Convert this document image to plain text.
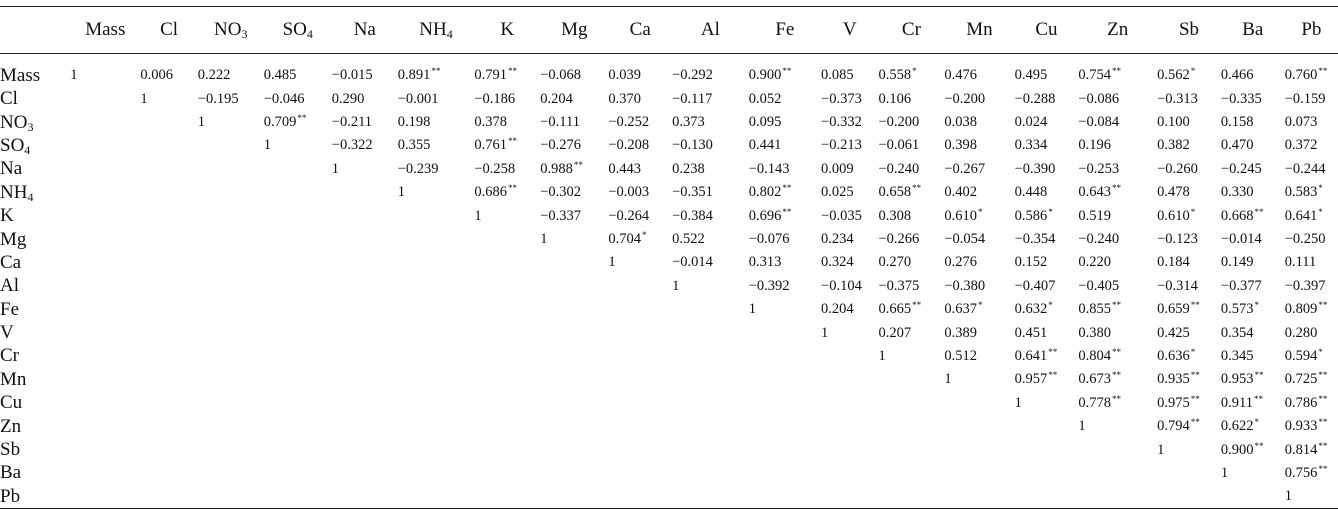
	Mass	Cl	$NO_3$	$SO_4$	Na	$NH_4$	K	Mg	Ca	Al	Fe	V	Cr	Mn	Cu	Zn	Sb	Ba	Pb
Mass	1	0.006	0.222	0.485	−0.015	0.891**	0.791**	−0.068	0.039	−0.292	0.900**	0.085	0.558*	0.476	0.495	0.754**	0.562*	0.466	0.760**
Cl		1	−0.195	−0.046	0.290	−0.001	−0.186	0.204	0.370	−0.117	0.052	−0.373	0.106	−0.200	−0.288	−0.086	−0.313	−0.335	−0.159
$NO_3$			1	0.709**	−0.211	0.198	0.378	−0.111	−0.252	0.373	0.095	−0.332	−0.200	0.038	0.024	−0.084	0.100	0.158	0.073
$SO_4$				1	−0.322	0.355	0.761**	−0.276	−0.208	−0.130	0.441	−0.213	−0.061	0.398	0.334	0.196	0.382	0.470	0.372
Na					1	−0.239	−0.258	0.988**	0.443	0.238	−0.143	0.009	−0.240	−0.267	−0.390	−0.253	−0.260	−0.245	−0.244
$NH_4$						1	0.686**	−0.302	−0.003	−0.351	0.802**	0.025	0.658**	0.402	0.448	0.643**	0.478	0.330	0.583*
K							1	−0.337	−0.264	−0.384	0.696**	−0.035	0.308	0.610*	0.586*	0.519	0.610*	0.668**	0.641*
Mg								1	0.704*	0.522	−0.076	0.234	−0.266	−0.054	−0.354	−0.240	−0.123	−0.014	−0.250
Ca									1	−0.014	0.313	0.324	0.270	0.276	0.152	0.220	0.184	0.149	0.111
Al										1	−0.392	−0.104	−0.375	−0.380	−0.407	−0.405	−0.314	−0.377	−0.397
Fe											1	0.204	0.665**	0.637*	0.632*	0.855**	0.659**	0.573*	0.809**
V												1	0.207	0.389	0.451	0.380	0.425	0.354	0.280
Cr													1	0.512	0.641**	0.804**	0.636*	0.345	0.594*
Mn														1	0.957**	0.673**	0.935**	0.953**	0.725**
Cu															1	0.778**	0.975**	0.911**	0.786**
Zn																1	0.794**	0.622*	0.933**
Sb																	1	0.900**	0.814**
Ba																		1	0.756**
Pb																			1
